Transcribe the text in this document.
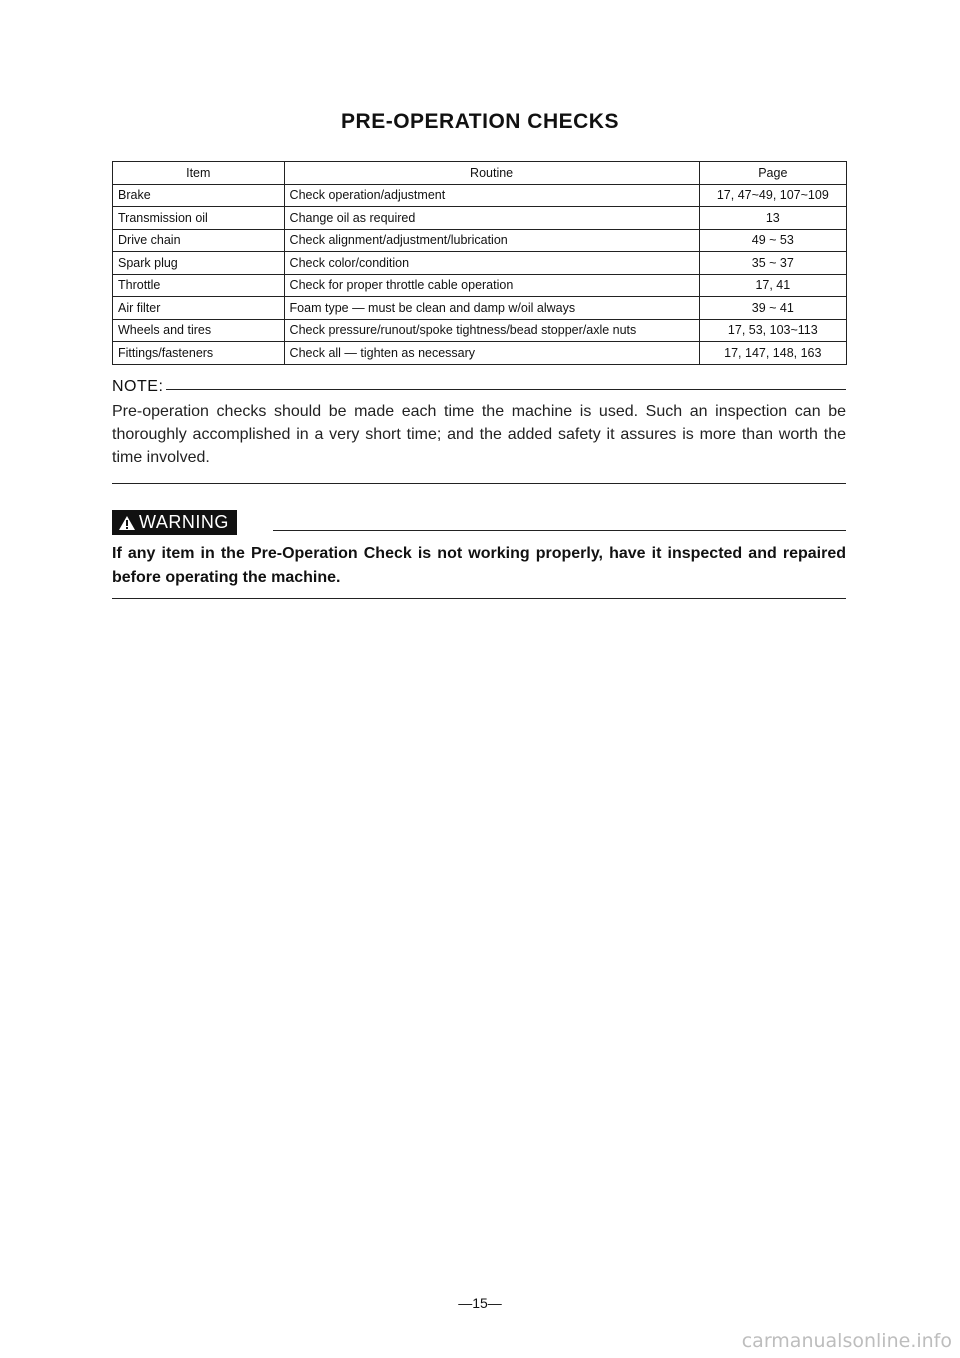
PRE-OPERATION CHECKS
Item	Routine	Page
Brake	Check operation/adjustment	17, 47~49, 107~109
Transmission oil	Change oil as required	13
Drive chain	Check alignment/adjustment/lubrication	49 ~ 53
Spark plug	Check color/condition	35 ~ 37
Throttle	Check for proper throttle cable operation	17, 41
Air filter	Foam type — must be clean and damp w/oil always	39 ~ 41
Wheels and tires	Check pressure/runout/spoke tightness/bead stopper/axle nuts	17, 53, 103~113
Fittings/fasteners	Check all — tighten as necessary	17, 147, 148, 163
NOTE:
Pre-operation checks should be made each time the machine is used. Such an inspection can be thoroughly accomplished in a very short time; and the added safety it assures is more than worth the time involved.
WARNING
If any item in the Pre-Operation Check is not working properly, have it inspected and repaired before operating the machine.
—15—
carmanualsonline.info
